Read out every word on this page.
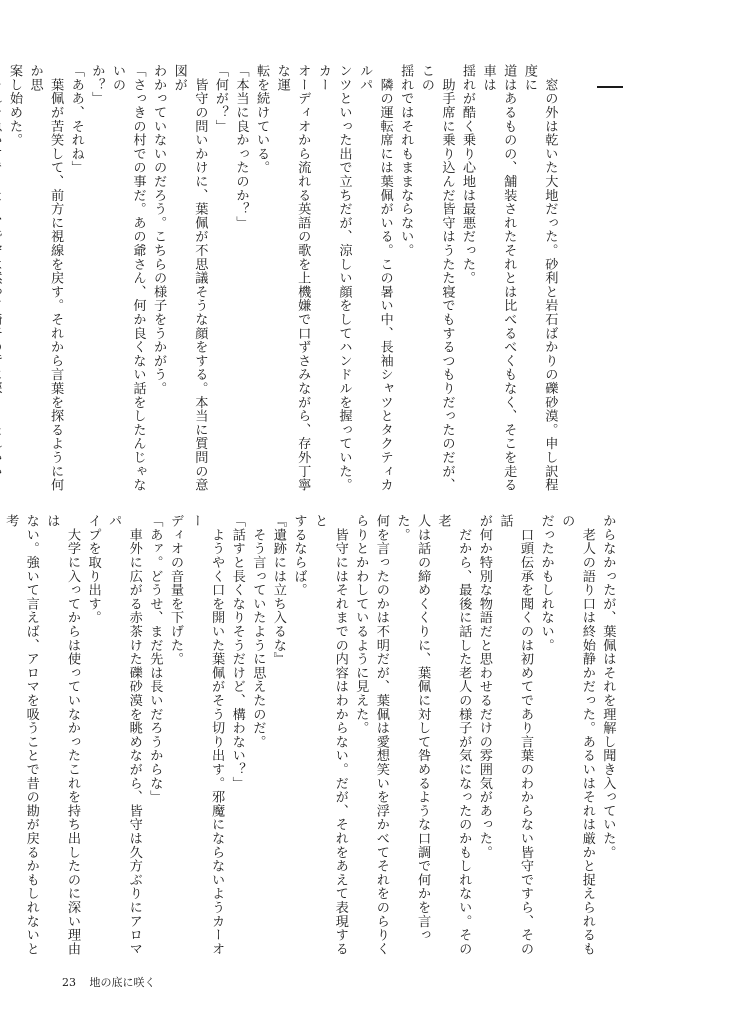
　窓の外は乾いた大地だった。砂利と岩石ばかりの礫砂漠。申し訳程度に
道はあるものの、舗装されたそれとは比べるべくもなく、そこを走る車は
揺れが酷く乗り心地は最悪だった。
　助手席に乗り込んだ皆守はうたた寝でもするつもりだったのだが、この
揺れではそれもままならない。
　隣の運転席には葉佩がいる。この暑い中、長袖シャツとタクティカルパ
ンツといった出で立ちだが、涼しい顔をしてハンドルを握っていた。カー
オーディオから流れる英語の歌を上機嫌で口ずさみながら、存外丁寧な運
転を続けている。
「本当に良かったのか？」
「何が？」
　皆守の問いかけに、葉佩が不思議そうな顔をする。本当に質問の意図が
わかっていないのだろう。こちらの様子をうかがう。
「さっきの村での事だ。あの爺さん、何か良くない話をしたんじゃないの
か？」
「ああ、それね」
　葉佩が苦笑して、前方に視線を戻す。それから言葉を探るように何か思
案し始めた。

からなかったが、葉佩はそれを理解し聞き入っていた。
　老人の語り口は終始静かだった。あるいはそれは厳かと捉えられるもの
だったかもしれない。
　口頭伝承を聞くのは初めてであり言葉のわからない皆守ですら、その話
が何か特別な物語だと思わせるだけの雰囲気があった。
　だから、最後に話した老人の様子が気になったのかもしれない。その老
人は話の締めくくりに、葉佩に対して咎めるような口調で何かを言った。
何を言ったのかは不明だが、葉佩は愛想笑いを浮かべてそれをのらりく
らりとかわしているように見えた。
　皆守にはそれまでの内容はわからない。だが、それをあえて表現すると
するならば。
『遺跡には立ち入るな』
　そう言っていたように思えたのだ。
「話すと長くなりそうだけど、構わない？」
　ようやく口を開いた葉佩がそう切り出す。邪魔にならないようカーオー
ディオの音量を下げた。
「あァ。どうせ、まだ先は長いだろうからな」
　車外に広がる赤茶けた礫砂漠を眺めながら、皆守は久方ぶりにアロマパ
イプを取り出す。
　大学に入ってからは使っていなかったこれを持ち出したのに深い理由は
ない。強いて言えば、アロマを吸うことで昔の勘が戻るかもしれないと考

23 地の底に咲く
